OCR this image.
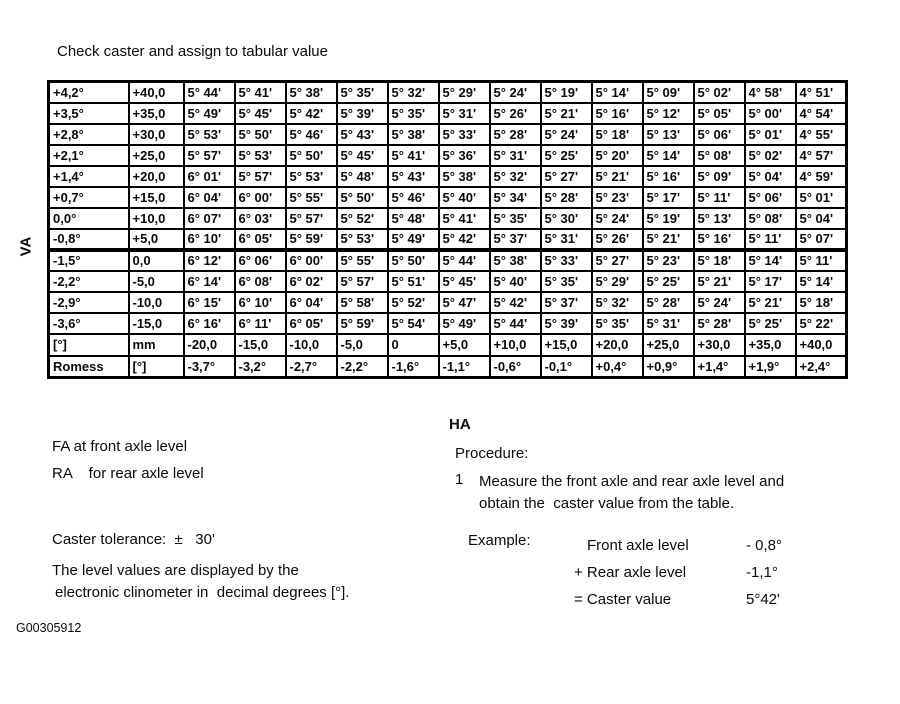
Check caster and assign to tabular value
VA
+4,2°	+40,0	5° 44'	5° 41'	5° 38'	5° 35'	5° 32'	5° 29'	5° 24'	5° 19'	5° 14'	5° 09'	5° 02'	4° 58'	4° 51'
+3,5°	+35,0	5° 49'	5° 45'	5° 42'	5° 39'	5° 35'	5° 31'	5° 26'	5° 21'	5° 16'	5° 12'	5° 05'	5° 00'	4° 54'
+2,8°	+30,0	5° 53'	5° 50'	5° 46'	5° 43'	5° 38'	5° 33'	5° 28'	5° 24'	5° 18'	5° 13'	5° 06'	5° 01'	4° 55'
+2,1°	+25,0	5° 57'	5° 53'	5° 50'	5° 45'	5° 41'	5° 36'	5° 31'	5° 25'	5° 20'	5° 14'	5° 08'	5° 02'	4° 57'
+1,4°	+20,0	6° 01'	5° 57'	5° 53'	5° 48'	5° 43'	5° 38'	5° 32'	5° 27'	5° 21'	5° 16'	5° 09'	5° 04'	4° 59'
+0,7°	+15,0	6° 04'	6° 00'	5° 55'	5° 50'	5° 46'	5° 40'	5° 34'	5° 28'	5° 23'	5° 17'	5° 11'	5° 06'	5° 01'
0,0°	+10,0	6° 07'	6° 03'	5° 57'	5° 52'	5° 48'	5° 41'	5° 35'	5° 30'	5° 24'	5° 19'	5° 13'	5° 08'	5° 04'
-0,8°	+5,0	6° 10'	6° 05'	5° 59'	5° 53'	5° 49'	5° 42'	5° 37'	5° 31'	5° 26'	5° 21'	5° 16'	5° 11'	5° 07'
-1,5°	0,0	6° 12'	6° 06'	6° 00'	5° 55'	5° 50'	5° 44'	5° 38'	5° 33'	5° 27'	5° 23'	5° 18'	5° 14'	5° 11'
-2,2°	-5,0	6° 14'	6° 08'	6° 02'	5° 57'	5° 51'	5° 45'	5° 40'	5° 35'	5° 29'	5° 25'	5° 21'	5° 17'	5° 14'
-2,9°	-10,0	6° 15'	6° 10'	6° 04'	5° 58'	5° 52'	5° 47'	5° 42'	5° 37'	5° 32'	5° 28'	5° 24'	5° 21'	5° 18'
-3,6°	-15,0	6° 16'	6° 11'	6° 05'	5° 59'	5° 54'	5° 49'	5° 44'	5° 39'	5° 35'	5° 31'	5° 28'	5° 25'	5° 22'
[°]	mm	-20,0	-15,0	-10,0	-5,0	0	+5,0	+10,0	+15,0	+20,0	+25,0	+30,0	+35,0	+40,0
Romess	[°]	-3,7°	-3,2°	-2,7°	-2,2°	-1,6°	-1,1°	-0,6°	-0,1°	+0,4°	+0,9°	+1,4°	+1,9°	+2,4°
HA
FA at front axle level
RA    for rear axle level
Caster tolerance:  ±   30'
The level values are displayed by the
electronic clinometer in  decimal degrees [°].
Procedure:
1	Measure the front axle and rear axle level and
obtain the  caster value from the table.
Example:	Front axle level	- 0,8°
+ Rear axle level	-1,1°
= Caster value	5°42'
G00305912
